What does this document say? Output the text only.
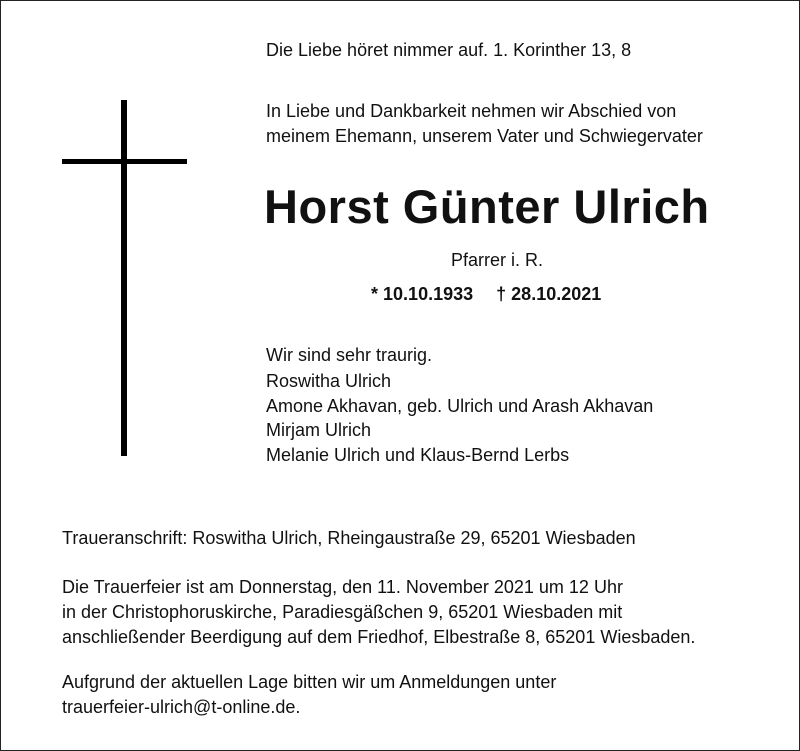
Die Liebe höret nimmer auf. 1. Korinther 13, 8

In Liebe und Dankbarkeit nehmen wir Abschied von
meinem Ehemann, unserem Vater und Schwiegervater

Horst Günter Ulrich

Pfarrer i. R.

* 10.10.1933 † 28.10.2021

Wir sind sehr traurig.

Roswitha Ulrich
Amone Akhavan, geb. Ulrich und Arash Akhavan
Mirjam Ulrich
Melanie Ulrich und Klaus-Bernd Lerbs

Traueranschrift: Roswitha Ulrich, Rheingaustraße 29, 65201 Wiesbaden

Die Trauerfeier ist am Donnerstag, den 11. November 2021 um 12 Uhr
in der Christophoruskirche, Paradiesgäßchen 9, 65201 Wiesbaden mit
anschließender Beerdigung auf dem Friedhof, Elbestraße 8, 65201 Wiesbaden.

Aufgrund der aktuellen Lage bitten wir um Anmeldungen unter
trauerfeier-ulrich@t-online.de.
